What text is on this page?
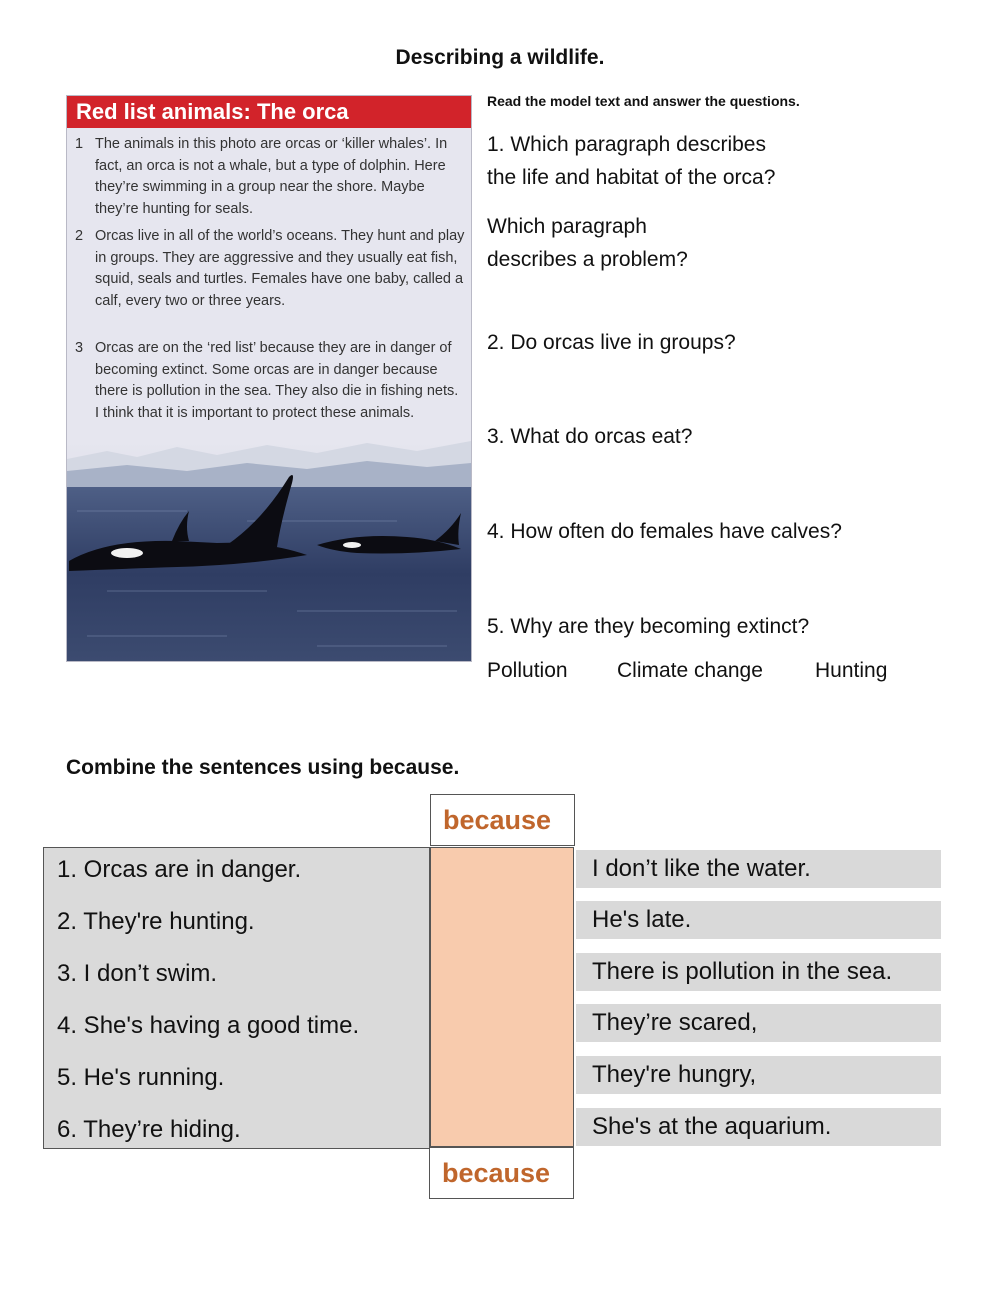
Describing a wildlife.
Red list animals: The orca
1 The animals in this photo are orcas or ‘killer whales’. In fact, an orca is not a whale, but a type of dolphin. Here they’re swimming in a group near the shore. Maybe they’re hunting for seals.
2 Orcas live in all of the world’s oceans. They hunt and play in groups. They are aggressive and they usually eat fish, squid, seals and turtles. Females have one baby, called a calf, every two or three years.
3 Orcas are on the ‘red list’ because they are in danger of becoming extinct. Some orcas are in danger because there is pollution in the sea. They also die in fishing nets. I think that it is important to protect these animals.
Read the model text and answer the questions.
1. Which paragraph describes
the life and habitat of the orca?
Which paragraph
describes a problem?
2. Do orcas live in groups?
3. What do orcas eat?
4. How often do females have calves?
5. Why are they becoming extinct?
Pollution Climate change Hunting
Combine the sentences using because.
because
1. Orcas are in danger.
2. They're hunting.
3. I don’t swim.
4. She's having a good time.
5. He's running.
6. They’re hiding.
because
I don’t like the water.
He's late.
There is pollution in the sea.
They’re scared,
They're hungry,
She's at the aquarium.
